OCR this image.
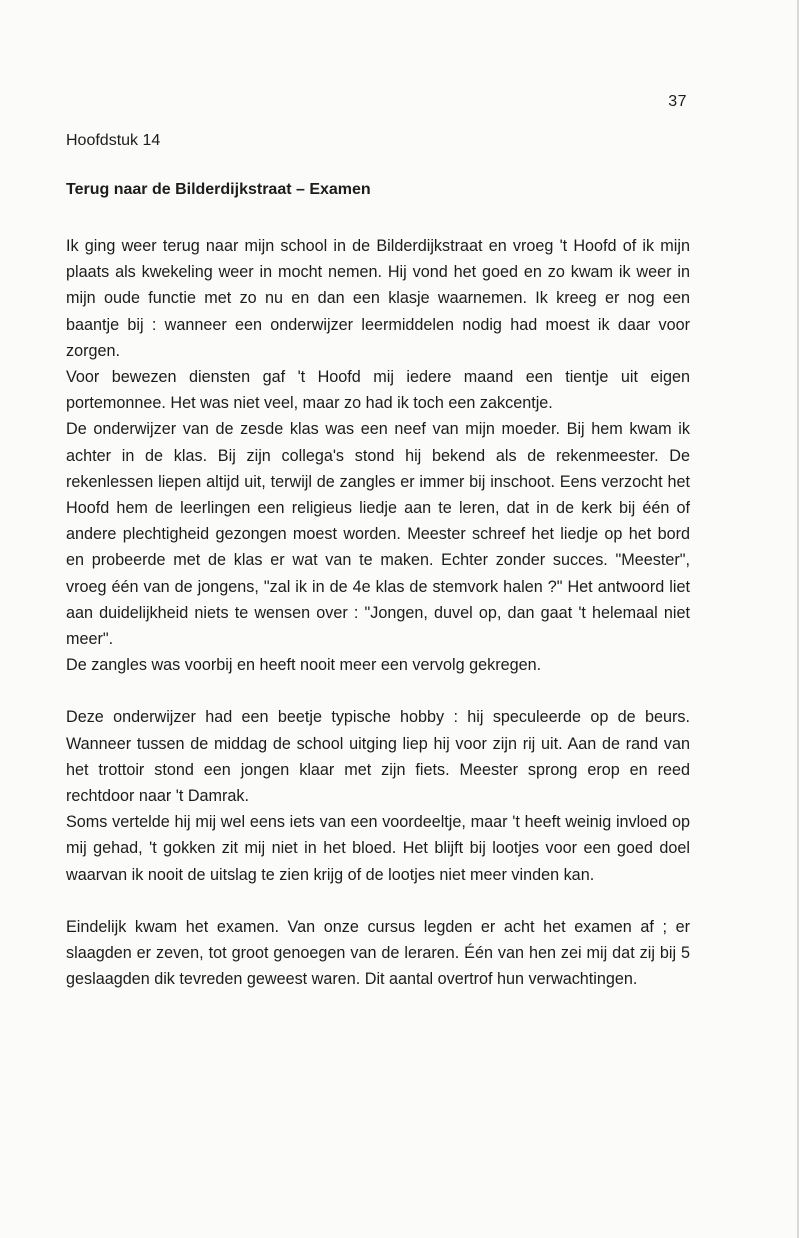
37
Hoofdstuk 14
Terug naar de Bilderdijkstraat – Examen

Ik ging weer terug naar mijn school in de Bilderdijkstraat en vroeg 't Hoofd of ik mijn plaats als kwekeling weer in mocht nemen. Hij vond het goed en zo kwam ik weer in mijn oude functie met zo nu en dan een klasje waarnemen. Ik kreeg er nog een baantje bij : wanneer een onderwijzer leermiddelen nodig had moest ik daar voor zorgen.

Voor bewezen diensten gaf 't Hoofd mij iedere maand een tientje uit eigen portemonnee. Het was niet veel, maar zo had ik toch een zakcentje.

De onderwijzer van de zesde klas was een neef van mijn moeder. Bij hem kwam ik achter in de klas. Bij zijn collega's stond hij bekend als de rekenmeester. De rekenlessen liepen altijd uit, terwijl de zangles er immer bij inschoot. Eens verzocht het Hoofd hem de leerlingen een religieus liedje aan te leren, dat in de kerk bij één of andere plechtigheid gezongen moest worden. Meester schreef het liedje op het bord en probeerde met de klas er wat van te maken. Echter zonder succes. "Meester", vroeg één van de jongens, "zal ik in de 4e klas de stemvork halen ?" Het antwoord liet aan duidelijkheid niets te wensen over : "Jongen, duvel op, dan gaat 't helemaal niet meer".

De zangles was voorbij en heeft nooit meer een vervolg gekregen.

Deze onderwijzer had een beetje typische hobby : hij speculeerde op de beurs. Wanneer tussen de middag de school uitging liep hij voor zijn rij uit. Aan de rand van het trottoir stond een jongen klaar met zijn fiets. Meester sprong erop en reed rechtdoor naar 't Damrak.

Soms vertelde hij mij wel eens iets van een voordeeltje, maar 't heeft weinig invloed op mij gehad, 't gokken zit mij niet in het bloed. Het blijft bij lootjes voor een goed doel waarvan ik nooit de uitslag te zien krijg of de lootjes niet meer vinden kan.

Eindelijk kwam het examen. Van onze cursus legden er acht het examen af ; er slaagden er zeven, tot groot genoegen van de leraren. Één van hen zei mij dat zij bij 5 geslaagden dik tevreden geweest waren. Dit aantal overtrof hun verwachtingen.
